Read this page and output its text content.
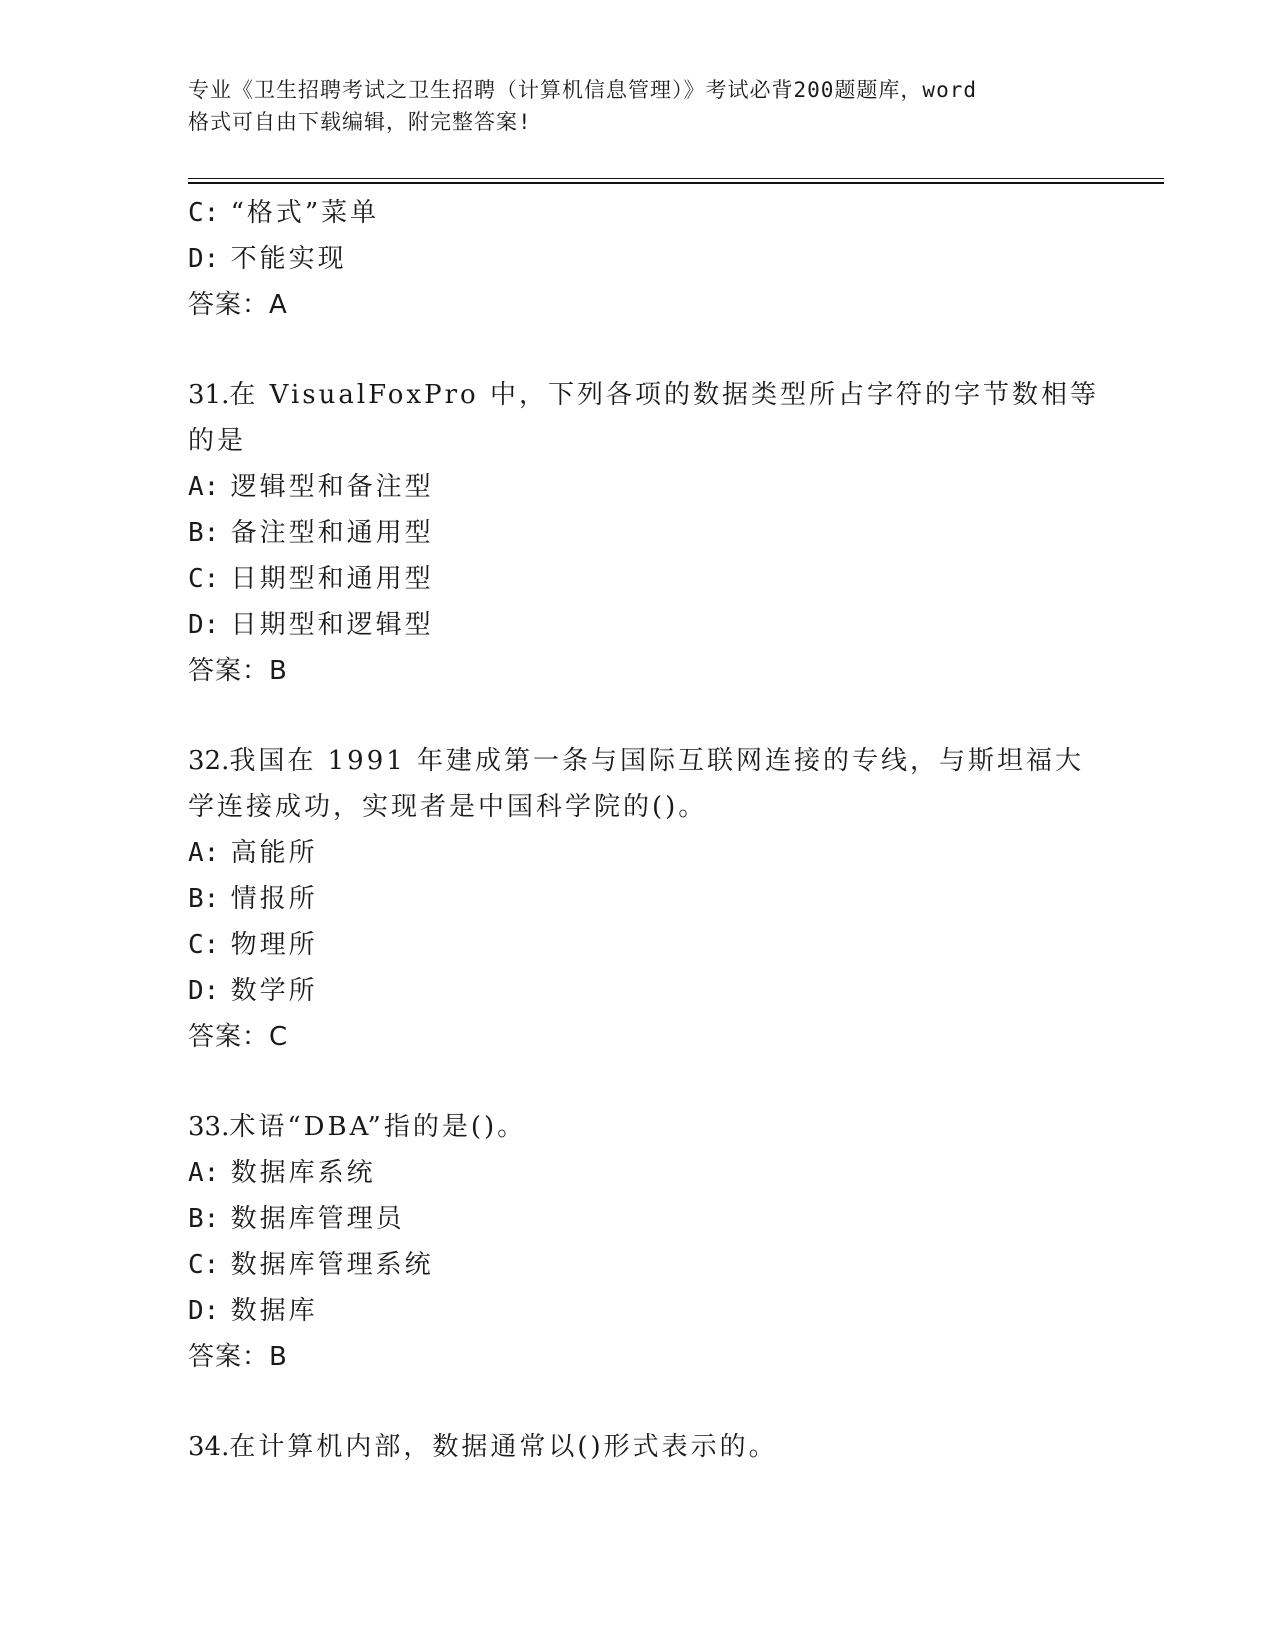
专业《卫生招聘考试之卫生招聘（计算机信息管理）》考试必背200题题库，word
格式可自由下载编辑，附完整答案!
C: “格式”菜单
D: 不能实现
答案：A
31.在 VisualFoxPro 中，下列各项的数据类型所占字符的字节数相等
的是
A: 逻辑型和备注型
B: 备注型和通用型
C: 日期型和通用型
D: 日期型和逻辑型
答案：B
32.我国在 1991 年建成第一条与国际互联网连接的专线，与斯坦福大
学连接成功，实现者是中国科学院的()。
A: 高能所
B: 情报所
C: 物理所
D: 数学所
答案：C
33.术语“DBA”指的是()。
A: 数据库系统
B: 数据库管理员
C: 数据库管理系统
D: 数据库
答案：B
34.在计算机内部，数据通常以()形式表示的。
